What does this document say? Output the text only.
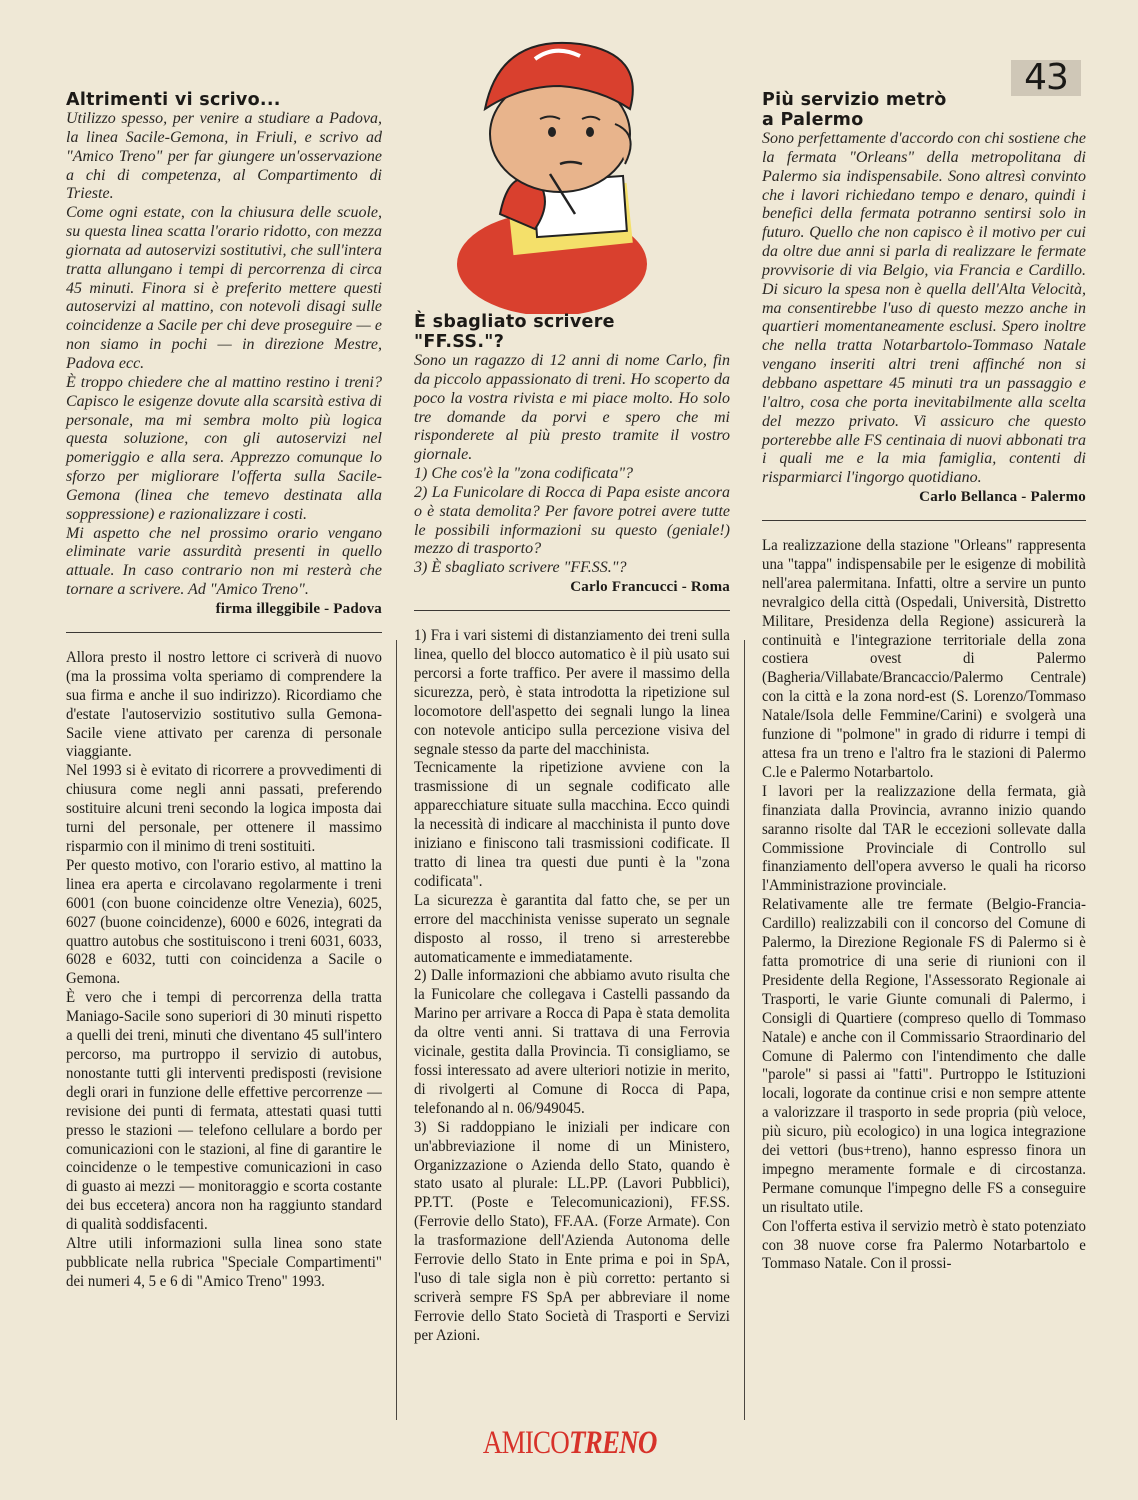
43
Altrimenti vi scrivo...

Utilizzo spesso, per venire a studiare a Padova, la linea Sacile-Gemona, in Friuli, e scrivo ad "Amico Treno" per far giungere un'osservazione a chi di competenza, al Compartimento di Trieste.

Come ogni estate, con la chiusura delle scuole, su questa linea scatta l'orario ridotto, con mezza giornata ad autoservizi sostitutivi, che sull'intera tratta allungano i tempi di percorrenza di circa 45 minuti. Finora si è preferito mettere questi autoservizi al mattino, con notevoli disagi sulle coincidenze a Sacile per chi deve proseguire — e non siamo in pochi — in direzione Mestre, Padova ecc.

È troppo chiedere che al mattino restino i treni? Capisco le esigenze dovute alla scarsità estiva di personale, ma mi sembra molto più logica questa soluzione, con gli autoservizi nel pomeriggio e alla sera. Apprezzo comunque lo sforzo per migliorare l'offerta sulla Sacile-Gemona (linea che temevo destinata alla soppressione) e razionalizzare i costi.

Mi aspetto che nel prossimo orario vengano eliminate varie assurdità presenti in quello attuale. In caso contrario non mi resterà che tornare a scrivere. Ad "Amico Treno".

firma illeggibile - Padova

Allora presto il nostro lettore ci scriverà di nuovo (ma la prossima volta speriamo di comprendere la sua firma e anche il suo indirizzo). Ricordiamo che d'estate l'autoservizio sostitutivo sulla Gemona-Sacile viene attivato per carenza di personale viaggiante.

Nel 1993 si è evitato di ricorrere a provvedimenti di chiusura come negli anni passati, preferendo sostituire alcuni treni secondo la logica imposta dai turni del personale, per ottenere il massimo risparmio con il minimo di treni sostituiti.

Per questo motivo, con l'orario estivo, al mattino la linea era aperta e circolavano regolarmente i treni 6001 (con buone coincidenze oltre Venezia), 6025, 6027 (buone coincidenze), 6000 e 6026, integrati da quattro autobus che sostituiscono i treni 6031, 6033, 6028 e 6032, tutti con coincidenza a Sacile o Gemona.

È vero che i tempi di percorrenza della tratta Maniago-Sacile sono superiori di 30 minuti rispetto a quelli dei treni, minuti che diventano 45 sull'intero percorso, ma purtroppo il servizio di autobus, nonostante tutti gli interventi predisposti (revisione degli orari in funzione delle effettive percorrenze — revisione dei punti di fermata, attestati quasi tutti presso le stazioni — telefono cellulare a bordo per comunicazioni con le stazioni, al fine di garantire le coincidenze o le tempestive comunicazioni in caso di guasto ai mezzi — monitoraggio e scorta costante dei bus eccetera) ancora non ha raggiunto standard di qualità soddisfacenti.

Altre utili informazioni sulla linea sono state pubblicate nella rubrica "Speciale Compartimenti" dei numeri 4, 5 e 6 di "Amico Treno" 1993.

È sbagliato scrivere
"FF.SS."?

Sono un ragazzo di 12 anni di nome Carlo, fin da piccolo appassionato di treni. Ho scoperto da poco la vostra rivista e mi piace molto. Ho solo tre domande da porvi e spero che mi risponderete al più presto tramite il vostro giornale.

1) Che cos'è la "zona codificata"?

2) La Funicolare di Rocca di Papa esiste ancora o è stata demolita? Per favore potrei avere tutte le possibili informazioni su questo (geniale!) mezzo di trasporto?

3) È sbagliato scrivere "FF.SS."?

Carlo Francucci - Roma

1) Fra i vari sistemi di distanziamento dei treni sulla linea, quello del blocco automatico è il più usato sui percorsi a forte traffico. Per avere il massimo della sicurezza, però, è stata introdotta la ripetizione sul locomotore dell'aspetto dei segnali lungo la linea con notevole anticipo sulla percezione visiva del segnale stesso da parte del macchinista.

Tecnicamente la ripetizione avviene con la trasmissione di un segnale codificato alle apparecchiature situate sulla macchina. Ecco quindi la necessità di indicare al macchinista il punto dove iniziano e finiscono tali trasmissioni codificate. Il tratto di linea tra questi due punti è la "zona codificata".

La sicurezza è garantita dal fatto che, se per un errore del macchinista venisse superato un segnale disposto al rosso, il treno si arresterebbe automaticamente e immediatamente.

2) Dalle informazioni che abbiamo avuto risulta che la Funicolare che collegava i Castelli passando da Marino per arrivare a Rocca di Papa è stata demolita da oltre venti anni. Si trattava di una Ferrovia vicinale, gestita dalla Provincia. Ti consigliamo, se fossi interessato ad avere ulteriori notizie in merito, di rivolgerti al Comune di Rocca di Papa, telefonando al n. 06/949045.

3) Si raddoppiano le iniziali per indicare con un'abbreviazione il nome di un Ministero, Organizzazione o Azienda dello Stato, quando è stato usato al plurale: LL.PP. (Lavori Pubblici), PP.TT. (Poste e Telecomunicazioni), FF.SS. (Ferrovie dello Stato), FF.AA. (Forze Armate). Con la trasformazione dell'Azienda Autonoma delle Ferrovie dello Stato in Ente prima e poi in SpA, l'uso di tale sigla non è più corretto: pertanto si scriverà sempre FS SpA per abbreviare il nome Ferrovie dello Stato Società di Trasporti e Servizi per Azioni.

Più servizio metrò
a Palermo

Sono perfettamente d'accordo con chi sostiene che la fermata "Orleans" della metropolitana di Palermo sia indispensabile. Sono altresì convinto che i lavori richiedano tempo e denaro, quindi i benefici della fermata potranno sentirsi solo in futuro. Quello che non capisco è il motivo per cui da oltre due anni si parla di realizzare le fermate provvisorie di via Belgio, via Francia e Cardillo. Di sicuro la spesa non è quella dell'Alta Velocità, ma consentirebbe l'uso di questo mezzo anche in quartieri momentaneamente esclusi. Spero inoltre che nella tratta Notarbartolo-Tommaso Natale vengano inseriti altri treni affinché non si debbano aspettare 45 minuti tra un passaggio e l'altro, cosa che porta inevitabilmente alla scelta del mezzo privato. Vi assicuro che questo porterebbe alle FS centinaia di nuovi abbonati tra i quali me e la mia famiglia, contenti di risparmiarci l'ingorgo quotidiano.

Carlo Bellanca - Palermo

La realizzazione della stazione "Orleans" rappresenta una "tappa" indispensabile per le esigenze di mobilità nell'area palermitana. Infatti, oltre a servire un punto nevralgico della città (Ospedali, Università, Distretto Militare, Presidenza della Regione) assicurerà la continuità e l'integrazione territoriale della zona costiera ovest di Palermo (Bagheria/Villabate/Brancaccio/Palermo Centrale) con la città e la zona nord-est (S. Lorenzo/Tommaso Natale/Isola delle Femmine/Carini) e svolgerà una funzione di "polmone" in grado di ridurre i tempi di attesa fra un treno e l'altro fra le stazioni di Palermo C.le e Palermo Notarbartolo.

I lavori per la realizzazione della fermata, già finanziata dalla Provincia, avranno inizio quando saranno risolte dal TAR le eccezioni sollevate dalla Commissione Provinciale di Controllo sul finanziamento dell'opera avverso le quali ha ricorso l'Amministrazione provinciale.

Relativamente alle tre fermate (Belgio-Francia-Cardillo) realizzabili con il concorso del Comune di Palermo, la Direzione Regionale FS di Palermo si è fatta promotrice di una serie di riunioni con il Presidente della Regione, l'Assessorato Regionale ai Trasporti, le varie Giunte comunali di Palermo, i Consigli di Quartiere (compreso quello di Tommaso Natale) e anche con il Commissario Straordinario del Comune di Palermo con l'intendimento che dalle "parole" si passi ai "fatti". Purtroppo le Istituzioni locali, logorate da continue crisi e non sempre attente a valorizzare il trasporto in sede propria (più veloce, più sicuro, più ecologico) in una logica integrazione dei vettori (bus+treno), hanno espresso finora un impegno meramente formale e di circostanza. Permane comunque l'impegno delle FS a conseguire un risultato utile.

Con l'offerta estiva il servizio metrò è stato potenziato con 38 nuove corse fra Palermo Notarbartolo e Tommaso Natale. Con il prossi-

AMICOTRENO
